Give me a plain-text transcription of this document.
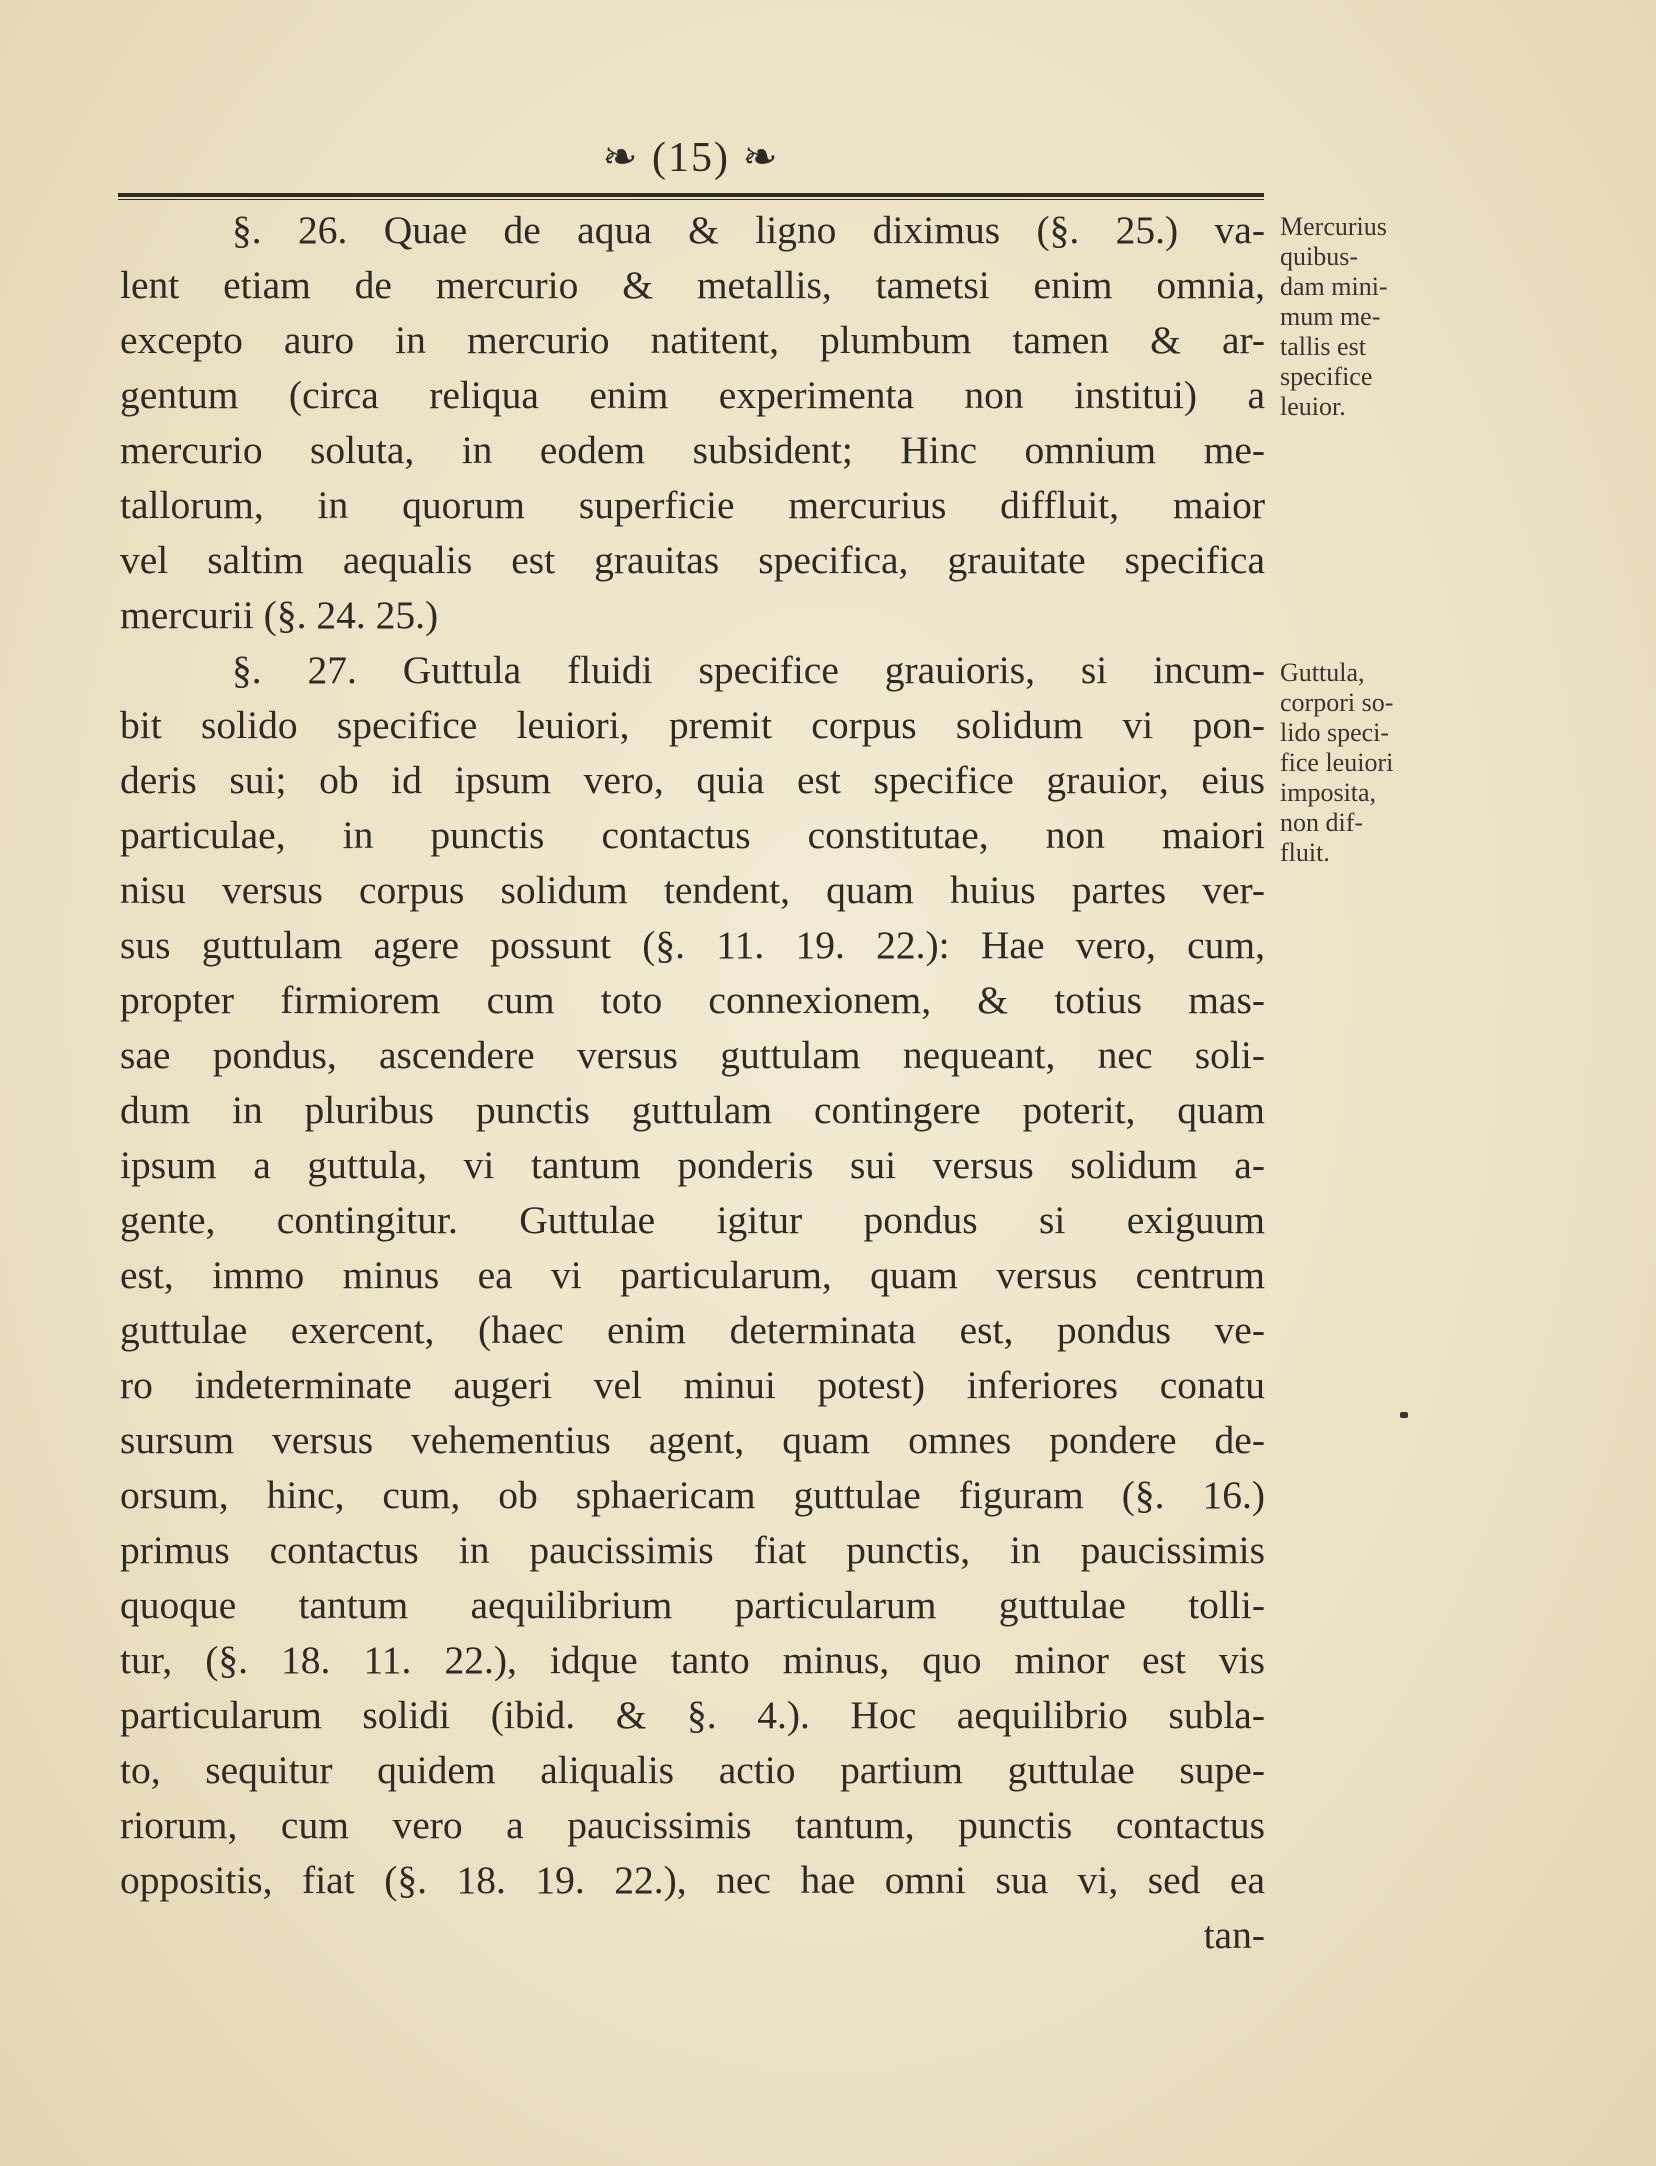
❧ (15) ❧
§. 26. Quae de aqua & ligno diximus (§. 25.) va-
lent etiam de mercurio & metallis, tametsi enim omnia,
excepto auro in mercurio natitent, plumbum tamen & ar-
gentum (circa reliqua enim experimenta non institui) a
mercurio soluta, in eodem subsident; Hinc omnium me-
tallorum, in quorum superficie mercurius diffluit, maior
vel saltim aequalis est grauitas specifica, grauitate specifica
mercurii (§. 24. 25.)
§. 27. Guttula fluidi specifice grauioris, si incum-
bit solido specifice leuiori, premit corpus solidum vi pon-
deris sui; ob id ipsum vero, quia est specifice grauior, eius
particulae, in punctis contactus constitutae, non maiori
nisu versus corpus solidum tendent, quam huius partes ver-
sus guttulam agere possunt (§. 11. 19. 22.): Hae vero, cum,
propter firmiorem cum toto connexionem, & totius mas-
sae pondus, ascendere versus guttulam nequeant, nec soli-
dum in pluribus punctis guttulam contingere poterit, quam
ipsum a guttula, vi tantum ponderis sui versus solidum a-
gente, contingitur. Guttulae igitur pondus si exiguum
est, immo minus ea vi particularum, quam versus centrum
guttulae exercent, (haec enim determinata est, pondus ve-
ro indeterminate augeri vel minui potest) inferiores conatu
sursum versus vehementius agent, quam omnes pondere de-
orsum, hinc, cum, ob sphaericam guttulae figuram (§. 16.)
primus contactus in paucissimis fiat punctis, in paucissimis
quoque tantum aequilibrium particularum guttulae tolli-
tur, (§. 18. 11. 22.), idque tanto minus, quo minor est vis
particularum solidi (ibid. & §. 4.). Hoc aequilibrio subla-
to, sequitur quidem aliqualis actio partium guttulae supe-
riorum, cum vero a paucissimis tantum, punctis contactus
oppositis, fiat (§. 18. 19. 22.), nec hae omni sua vi, sed ea
tan-
Mercurius
quibus-
dam mini-
mum me-
tallis est
specifice
leuior.
Guttula,
corpori so-
lido speci-
fice leuiori
imposita,
non dif-
fluit.
